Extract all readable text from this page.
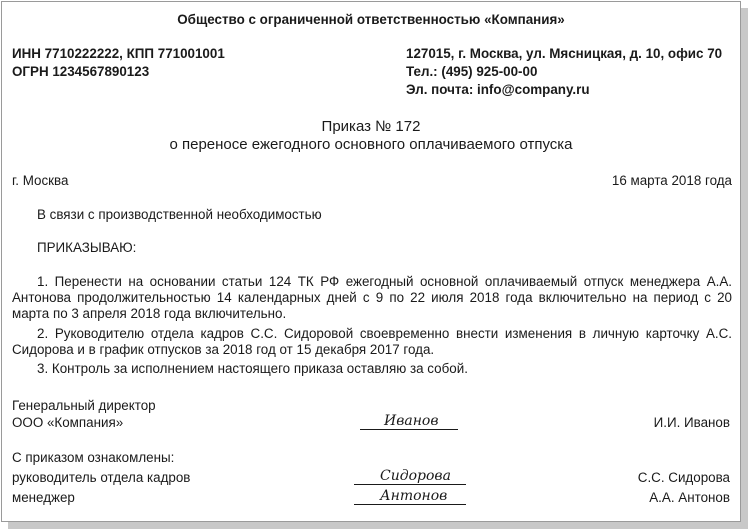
Общество с ограниченной ответственностью «Компания»
ИНН 7710222222, КПП 771001001
ОГРН 1234567890123
127015, г. Москва, ул. Мясницкая, д. 10, офис 70
Тел.: (495) 925-00-00
Эл. почта: info@company.ru
Приказ № 172
о переносе ежегодного основного оплачиваемого отпуска
г. Москва	16 марта 2018 года
В связи с производственной необходимостью
ПРИКАЗЫВАЮ:
1. Перенести на основании статьи 124 ТК РФ ежегодный основной оплачиваемый отпуск менеджера А.А. Антонова продолжительностью 14 календарных дней с 9 по 22 июля 2018 года включительно на период с 20 марта по 3 апреля 2018 года включительно.
2. Руководителю отдела кадров С.С. Сидоровой своевременно внести изменения в личную карточку А.С. Сидорова и в график отпусков за 2018 год от 15 декабря 2017 года.
3. Контроль за исполнением настоящего приказа оставляю за собой.
Генеральный директор
ООО «Компания»	Иванов	И.И. Иванов
С приказом ознакомлены:
руководитель отдела кадров	Сидорова	С.С. Сидорова
менеджер	Антонов	А.А. Антонов
